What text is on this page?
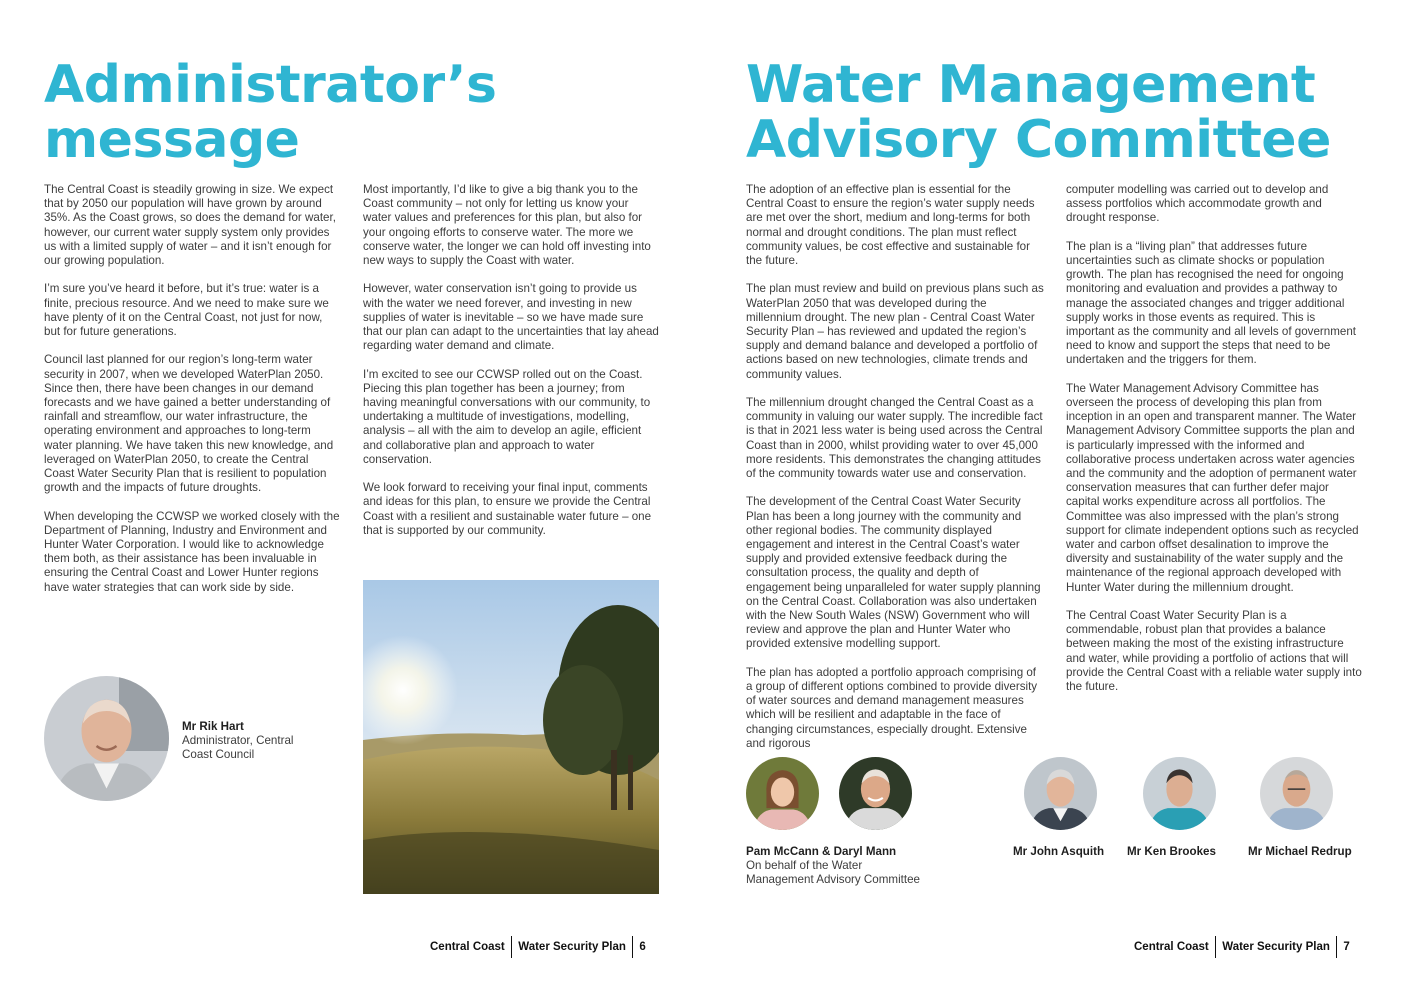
Administrator’s
message

The Central Coast is steadily growing in size. We expect that by 2050 our population will have grown by around 35%. As the Coast grows, so does the demand for water, however, our current water supply system only provides us with a limited supply of water – and it isn’t enough for our growing population.

I’m sure you’ve heard it before, but it’s true: water is a finite, precious resource. And we need to make sure we have plenty of it on the Central Coast, not just for now, but for future generations.

Council last planned for our region’s long-term water security in 2007, when we developed WaterPlan 2050. Since then, there have been changes in our demand forecasts and we have gained a better understanding of rainfall and streamflow, our water infrastructure, the operating environment and approaches to long-term water planning. We have taken this new knowledge, and leveraged on WaterPlan 2050, to create the Central Coast Water Security Plan that is resilient to population growth and the impacts of future droughts.

When developing the CCWSP we worked closely with the Department of Planning, Industry and Environment and Hunter Water Corporation. I would like to acknowledge them both, as their assistance has been invaluable in ensuring the Central Coast and Lower Hunter regions have water strategies that can work side by side.

Most importantly, I’d like to give a big thank you to the Coast community – not only for letting us know your water values and preferences for this plan, but also for your ongoing efforts to conserve water. The more we conserve water, the longer we can hold off investing into new ways to supply the Coast with water.

However, water conservation isn’t going to provide us with the water we need forever, and investing in new supplies of water is inevitable – so we have made sure that our plan can adapt to the uncertainties that lay ahead regarding water demand and climate.

I’m excited to see our CCWSP rolled out on the Coast. Piecing this plan together has been a journey; from having meaningful conversations with our community, to undertaking a multitude of investigations, modelling, analysis – all with the aim to develop an agile, efficient and collaborative plan and approach to water conservation.

We look forward to receiving your final input, comments and ideas for this plan, to ensure we provide the Central Coast with a resilient and sustainable water future – one that is supported by our community.

Mr Rik Hart
Administrator, Central
Coast Council
Central Coast Water Security Plan 6
Water Management
Advisory Committee

The adoption of an effective plan is essential for the Central Coast to ensure the region’s water supply needs are met over the short, medium and long-terms for both normal and drought conditions. The plan must reflect community values, be cost effective and sustainable for the future.

The plan must review and build on previous plans such as WaterPlan 2050 that was developed during the millennium drought. The new plan - Central Coast Water Security Plan – has reviewed and updated the region’s supply and demand balance and developed a portfolio of actions based on new technologies, climate trends and community values.

The millennium drought changed the Central Coast as a community in valuing our water supply. The incredible fact is that in 2021 less water is being used across the Central Coast than in 2000, whilst providing water to over 45,000 more residents. This demonstrates the changing attitudes of the community towards water use and conservation.

The development of the Central Coast Water Security Plan has been a long journey with the community and other regional bodies. The community displayed engagement and interest in the Central Coast’s water supply and provided extensive feedback during the consultation process, the quality and depth of engagement being unparalleled for water supply planning on the Central Coast. Collaboration was also undertaken with the New South Wales (NSW) Government who will review and approve the plan and Hunter Water who provided extensive modelling support.

The plan has adopted a portfolio approach comprising of a group of different options combined to provide diversity of water sources and demand management measures which will be resilient and adaptable in the face of changing circumstances, especially drought. Extensive and rigorous

computer modelling was carried out to develop and assess portfolios which accommodate growth and drought response.

The plan is a “living plan” that addresses future uncertainties such as climate shocks or population growth. The plan has recognised the need for ongoing monitoring and evaluation and provides a pathway to manage the associated changes and trigger additional supply works in those events as required. This is important as the community and all levels of government need to know and support the steps that need to be undertaken and the triggers for them.

The Water Management Advisory Committee has overseen the process of developing this plan from inception in an open and transparent manner. The Water Management Advisory Committee supports the plan and is particularly impressed with the informed and collaborative process undertaken across water agencies and the community and the adoption of permanent water conservation measures that can further defer major capital works expenditure across all portfolios. The Committee was also impressed with the plan’s strong support for climate independent options such as recycled water and carbon offset desalination to improve the diversity and sustainability of the water supply and the maintenance of the regional approach developed with Hunter Water during the millennium drought.

The Central Coast Water Security Plan is a commendable, robust plan that provides a balance between making the most of the existing infrastructure and water, while providing a portfolio of actions that will provide the Central Coast with a reliable water supply into the future.

Pam McCann & Daryl Mann
On behalf of the Water
Management Advisory Committee
Mr John Asquith Mr Ken Brookes	Mr Michael Redrup
Central Coast Water Security Plan 7
